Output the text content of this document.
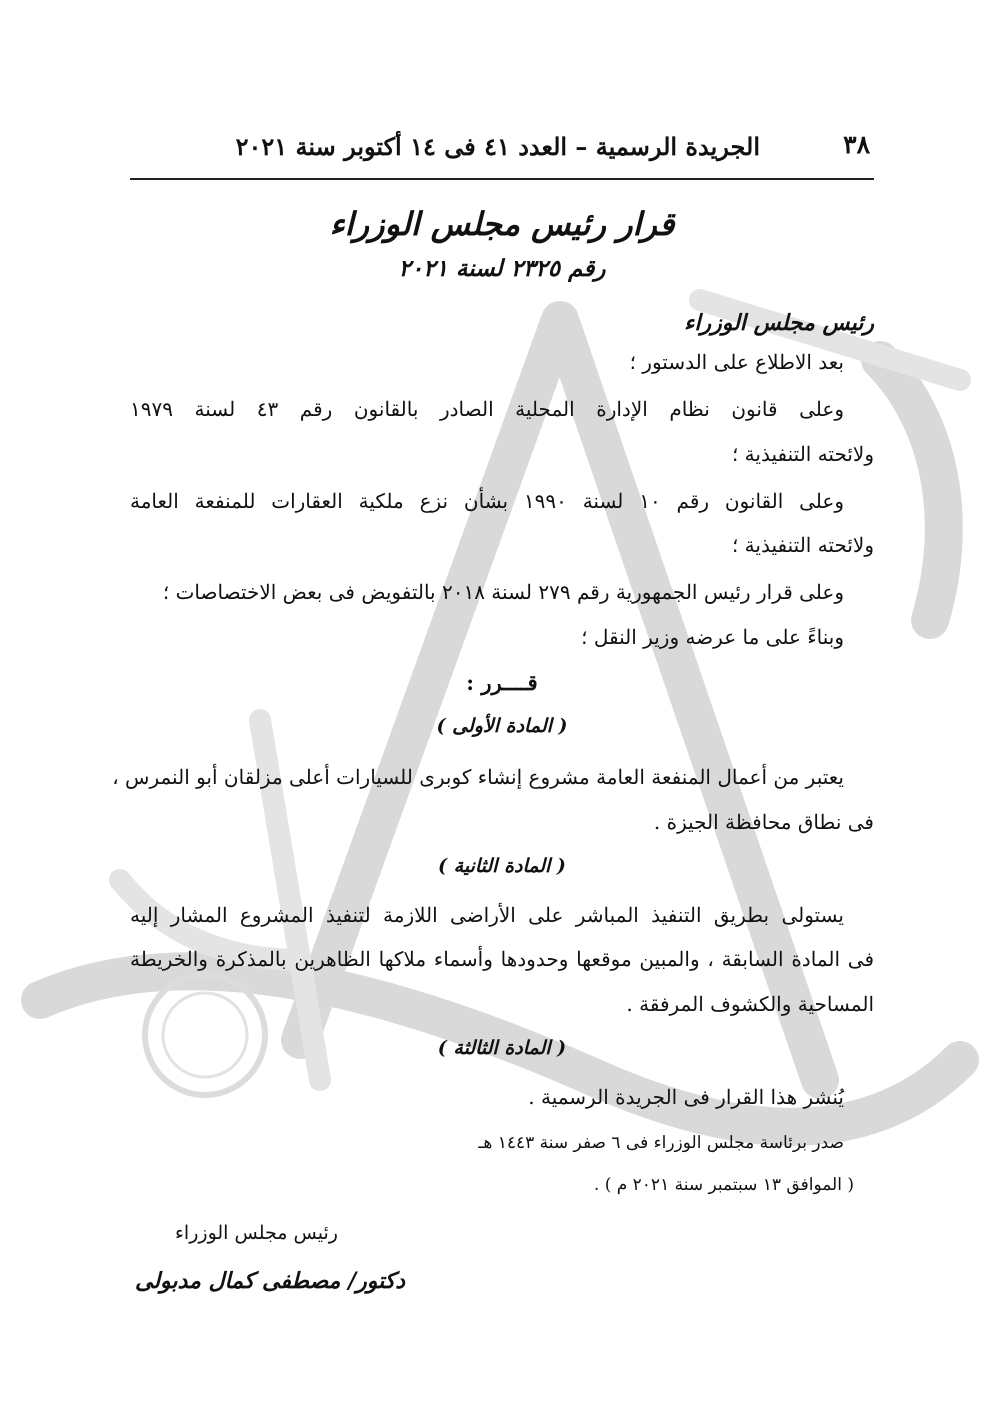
٣٨
الجريدة الرسمية – العدد ٤١ فى ١٤ أكتوبر سنة ٢٠٢١
قرار رئيس مجلس الوزراء
رقم ٢٣٢٥ لسنة ٢٠٢١
رئيس مجلس الوزراء
بعد الاطلاع على الدستور ؛
وعلى قانون نظام الإدارة المحلية الصادر بالقانون رقم ٤٣ لسنة ١٩٧٩
ولائحته التنفيذية ؛
وعلى القانون رقم ١٠ لسنة ١٩٩٠ بشأن نزع ملكية العقارات للمنفعة العامة
ولائحته التنفيذية ؛
وعلى قرار رئيس الجمهورية رقم ٢٧٩ لسنة ٢٠١٨ بالتفويض فى بعض الاختصاصات ؛
وبناءً على ما عرضه وزير النقل ؛
قــــرر :
( المادة الأولى )
يعتبر من أعمال المنفعة العامة مشروع إنشاء كوبرى للسيارات أعلى مزلقان أبو النمرس ،
فى نطاق محافظة الجيزة .
( المادة الثانية )
يستولى بطريق التنفيذ المباشر على الأراضى اللازمة لتنفيذ المشروع المشار إليه
فى المادة السابقة ، والمبين موقعها وحدودها وأسماء ملاكها الظاهرين بالمذكرة والخريطة
المساحية والكشوف المرفقة .
( المادة الثالثة )
يُنشر هذا القرار فى الجريدة الرسمية .
صدر برئاسة مجلس الوزراء فى ٦ صفر سنة ١٤٤٣ هـ
( الموافق ١٣ سبتمبر سنة ٢٠٢١ م ) .
رئيس مجلس الوزراء
دكتور/ مصطفى كمال مدبولى
